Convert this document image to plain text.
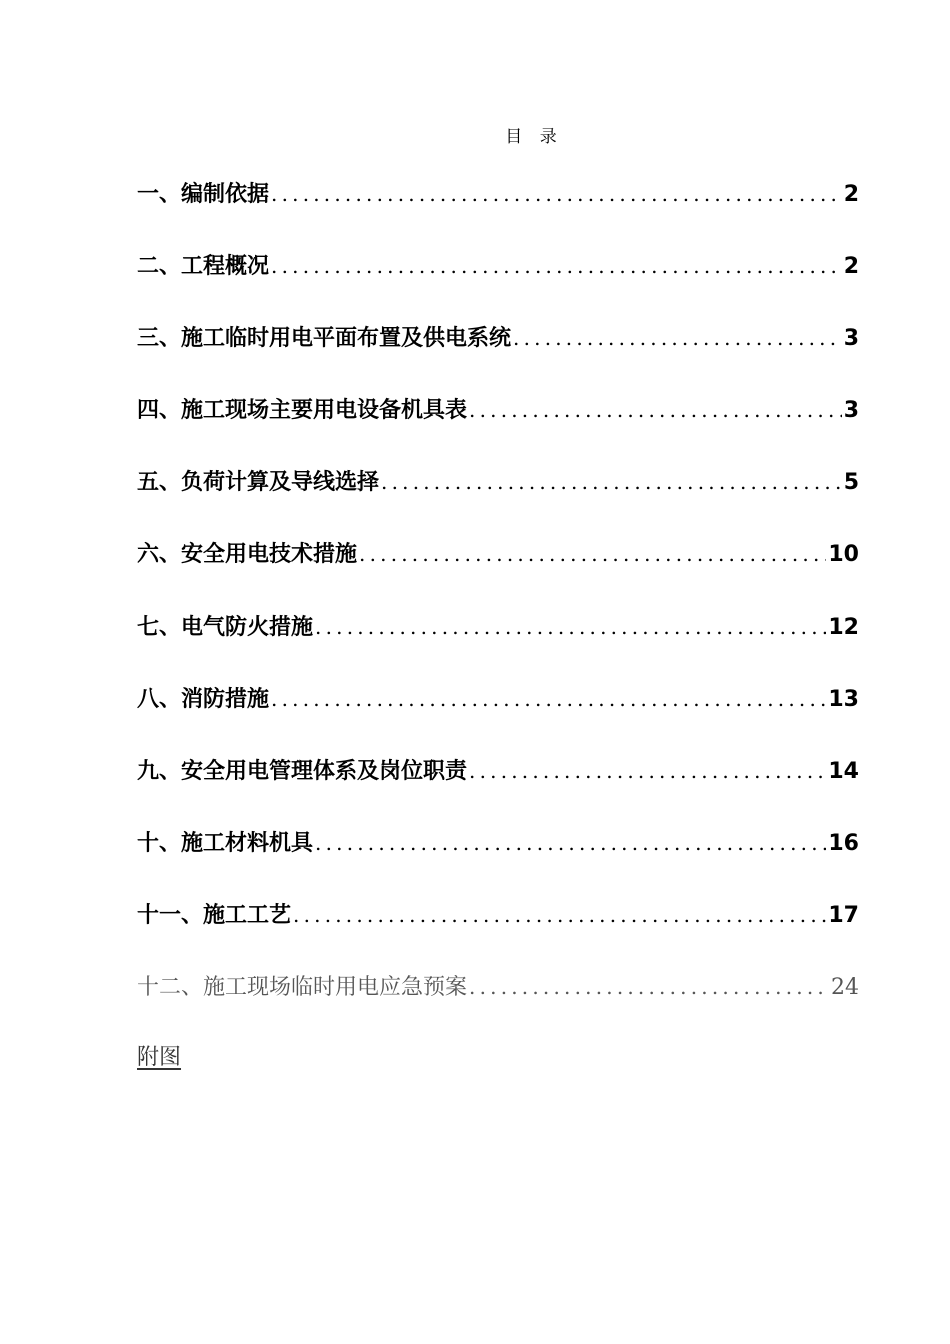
目 录
一、编制依据 .....	2
二、工程概况 .....	2
三、施工临时用电平面布置及供电系统 .....	3
四、施工现场主要用电设备机具表 .....	3
五、负荷计算及导线选择 .....	5
六、安全用电技术措施 .....	10
七、电气防火措施 .....	12
八、消防措施 .....	13
九、安全用电管理体系及岗位职责 .....	14
十、施工材料机具 .....	16
十一、施工工艺 .....	17
十二、施工现场临时用电应急预案 .....	24
附图
